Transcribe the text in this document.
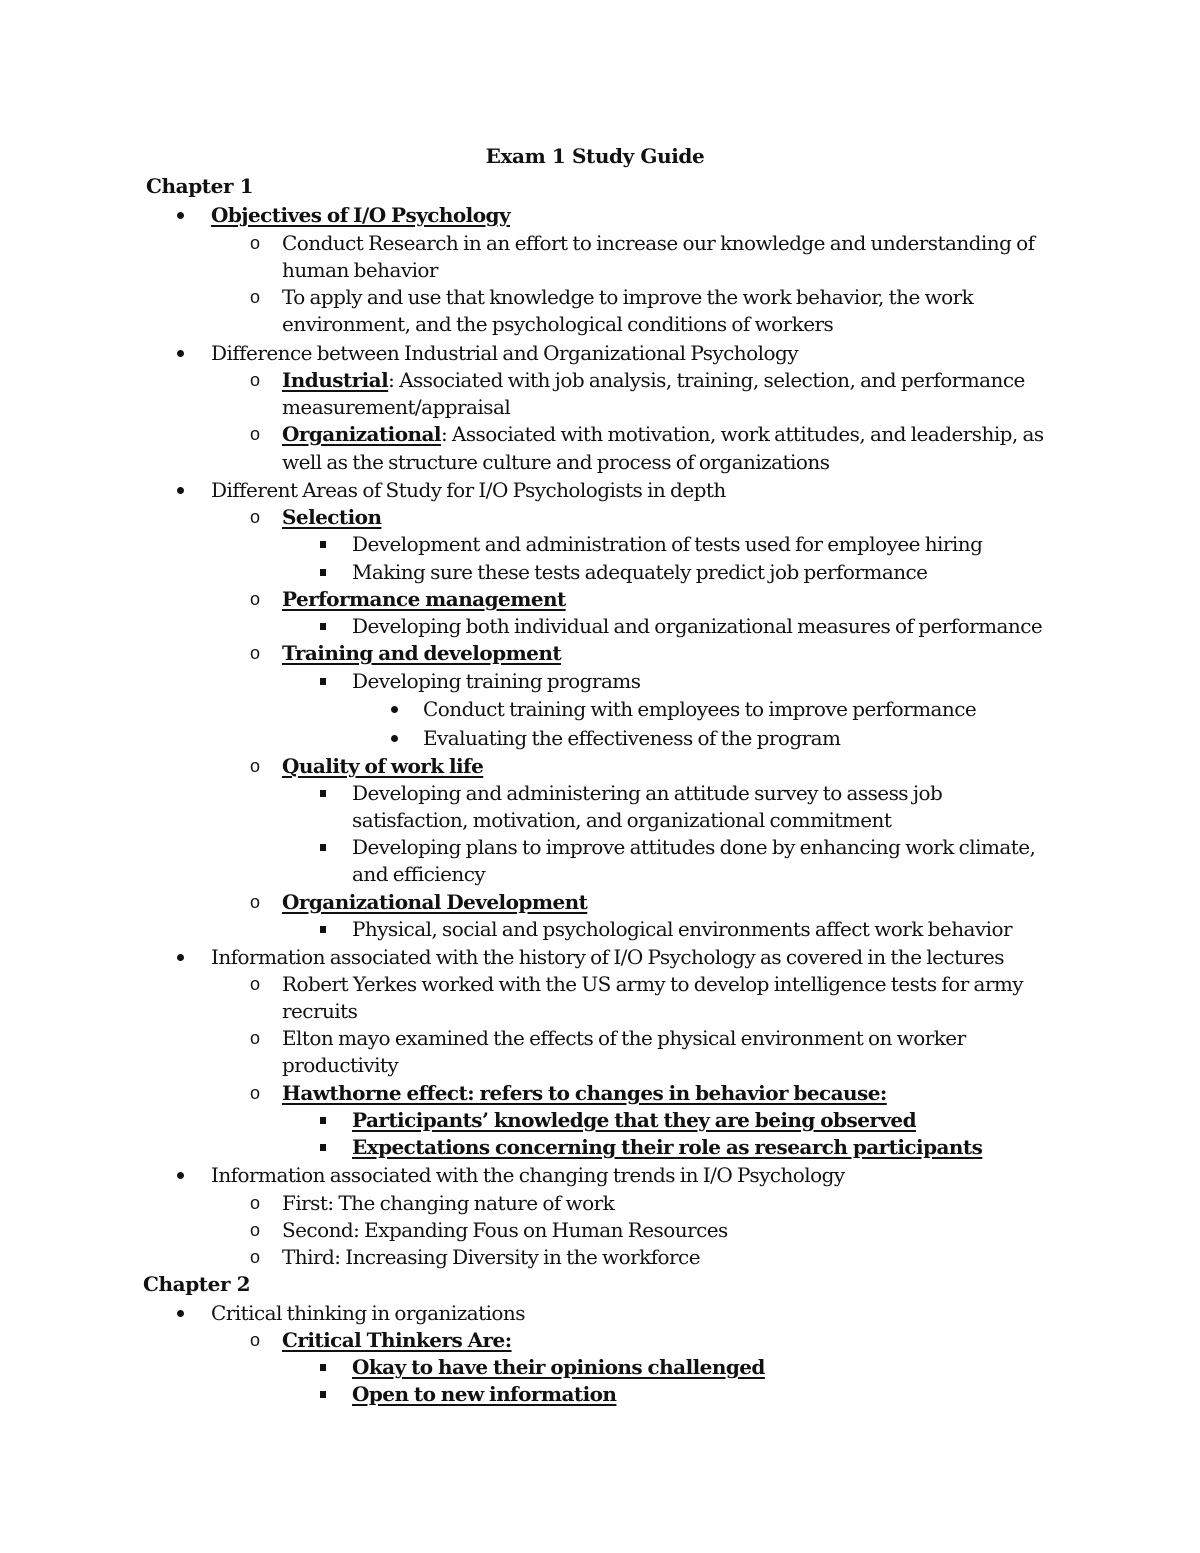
Exam 1 Study Guide
Chapter 1
Objectives of I/O Psychology
o Conduct Research in an effort to increase our knowledge and understanding of
human behavior
o To apply and use that knowledge to improve the work behavior, the work
environment, and the psychological conditions of workers
Difference between Industrial and Organizational Psychology
o Industrial: Associated with job analysis, training, selection, and performance
measurement/appraisal
o Organizational: Associated with motivation, work attitudes, and leadership, as
well as the structure culture and process of organizations
Different Areas of Study for I/O Psychologists in depth
o Selection
Development and administration of tests used for employee hiring
Making sure these tests adequately predict job performance
o Performance management
Developing both individual and organizational measures of performance
o Training and development
Developing training programs
Conduct training with employees to improve performance
Evaluating the effectiveness of the program
o Quality of work life
Developing and administering an attitude survey to assess job
satisfaction, motivation, and organizational commitment
Developing plans to improve attitudes done by enhancing work climate,
and efficiency
o Organizational Development
Physical, social and psychological environments affect work behavior
Information associated with the history of I/O Psychology as covered in the lectures
o Robert Yerkes worked with the US army to develop intelligence tests for army
recruits
o Elton mayo examined the effects of the physical environment on worker
productivity
o Hawthorne effect: refers to changes in behavior because:
Participants’ knowledge that they are being observed
Expectations concerning their role as research participants
Information associated with the changing trends in I/O Psychology
o First: The changing nature of work
o Second: Expanding Fous on Human Resources
o Third: Increasing Diversity in the workforce
Chapter 2
Critical thinking in organizations
o Critical Thinkers Are:
Okay to have their opinions challenged
Open to new information
